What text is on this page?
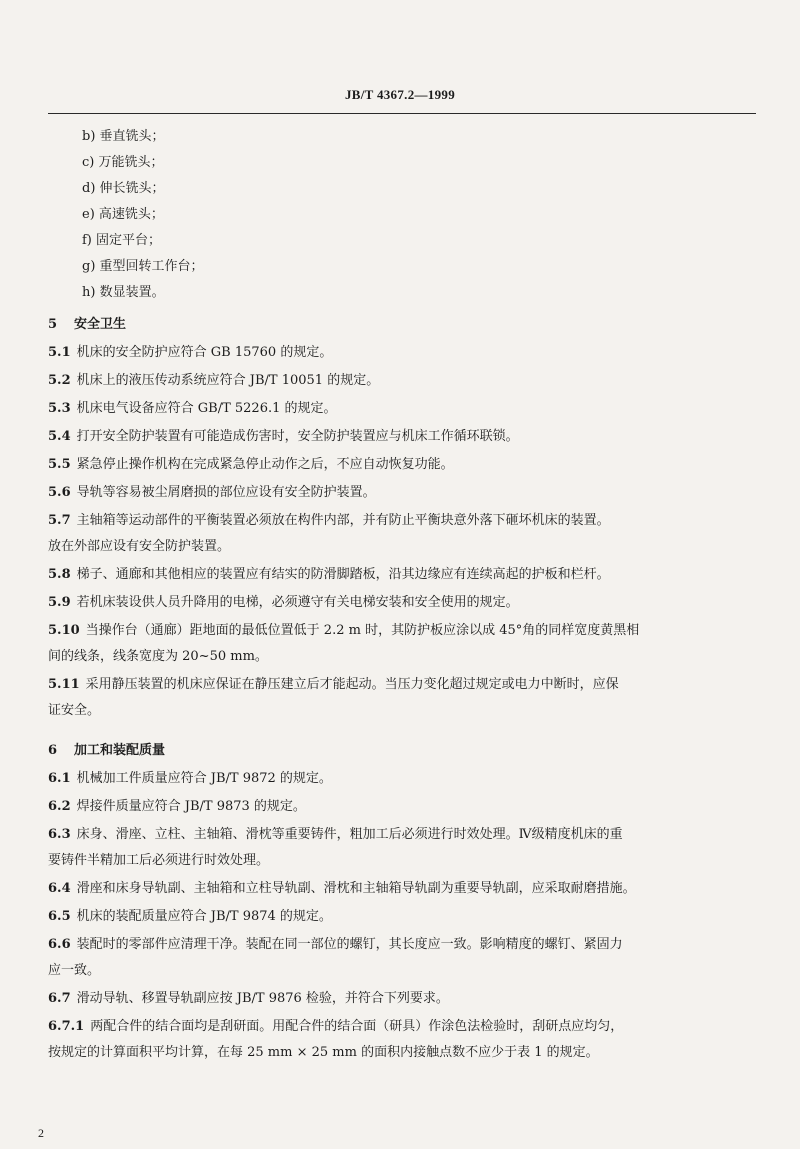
JB/T 4367.2—1999
b) 垂直铣头；
c) 万能铣头；
d) 伸长铣头；
e) 高速铣头；
f) 固定平台；
g) 重型回转工作台；
h) 数显装置。
5 安全卫生
5.1 机床的安全防护应符合 GB 15760 的规定。
5.2 机床上的液压传动系统应符合 JB/T 10051 的规定。
5.3 机床电气设备应符合 GB/T 5226.1 的规定。
5.4 打开安全防护装置有可能造成伤害时，安全防护装置应与机床工作循环联锁。
5.5 紧急停止操作机构在完成紧急停止动作之后，不应自动恢复功能。
5.6 导轨等容易被尘屑磨损的部位应设有安全防护装置。
5.7 主轴箱等运动部件的平衡装置必须放在构件内部，并有防止平衡块意外落下砸坏机床的装置。
放在外部应设有安全防护装置。
5.8 梯子、通廊和其他相应的装置应有结实的防滑脚踏板，沿其边缘应有连续高起的护板和栏杆。
5.9 若机床装设供人员升降用的电梯，必须遵守有关电梯安装和安全使用的规定。
5.10 当操作台（通廊）距地面的最低位置低于 2.2 m 时，其防护板应涂以成 45°角的同样宽度黄黑相
间的线条，线条宽度为 20~50 mm。
5.11 采用静压装置的机床应保证在静压建立后才能起动。当压力变化超过规定或电力中断时，应保
证安全。
6 加工和装配质量
6.1 机械加工件质量应符合 JB/T 9872 的规定。
6.2 焊接件质量应符合 JB/T 9873 的规定。
6.3 床身、滑座、立柱、主轴箱、滑枕等重要铸件，粗加工后必须进行时效处理。Ⅳ级精度机床的重
要铸件半精加工后必须进行时效处理。
6.4 滑座和床身导轨副、主轴箱和立柱导轨副、滑枕和主轴箱导轨副为重要导轨副，应采取耐磨措施。
6.5 机床的装配质量应符合 JB/T 9874 的规定。
6.6 装配时的零部件应清理干净。装配在同一部位的螺钉，其长度应一致。影响精度的螺钉、紧固力
应一致。
6.7 滑动导轨、移置导轨副应按 JB/T 9876 检验，并符合下列要求。
6.7.1 两配合件的结合面均是刮研面。用配合件的结合面（研具）作涂色法检验时，刮研点应均匀，
按规定的计算面积平均计算，在每 25 mm × 25 mm 的面积内接触点数不应少于表 1 的规定。
2
